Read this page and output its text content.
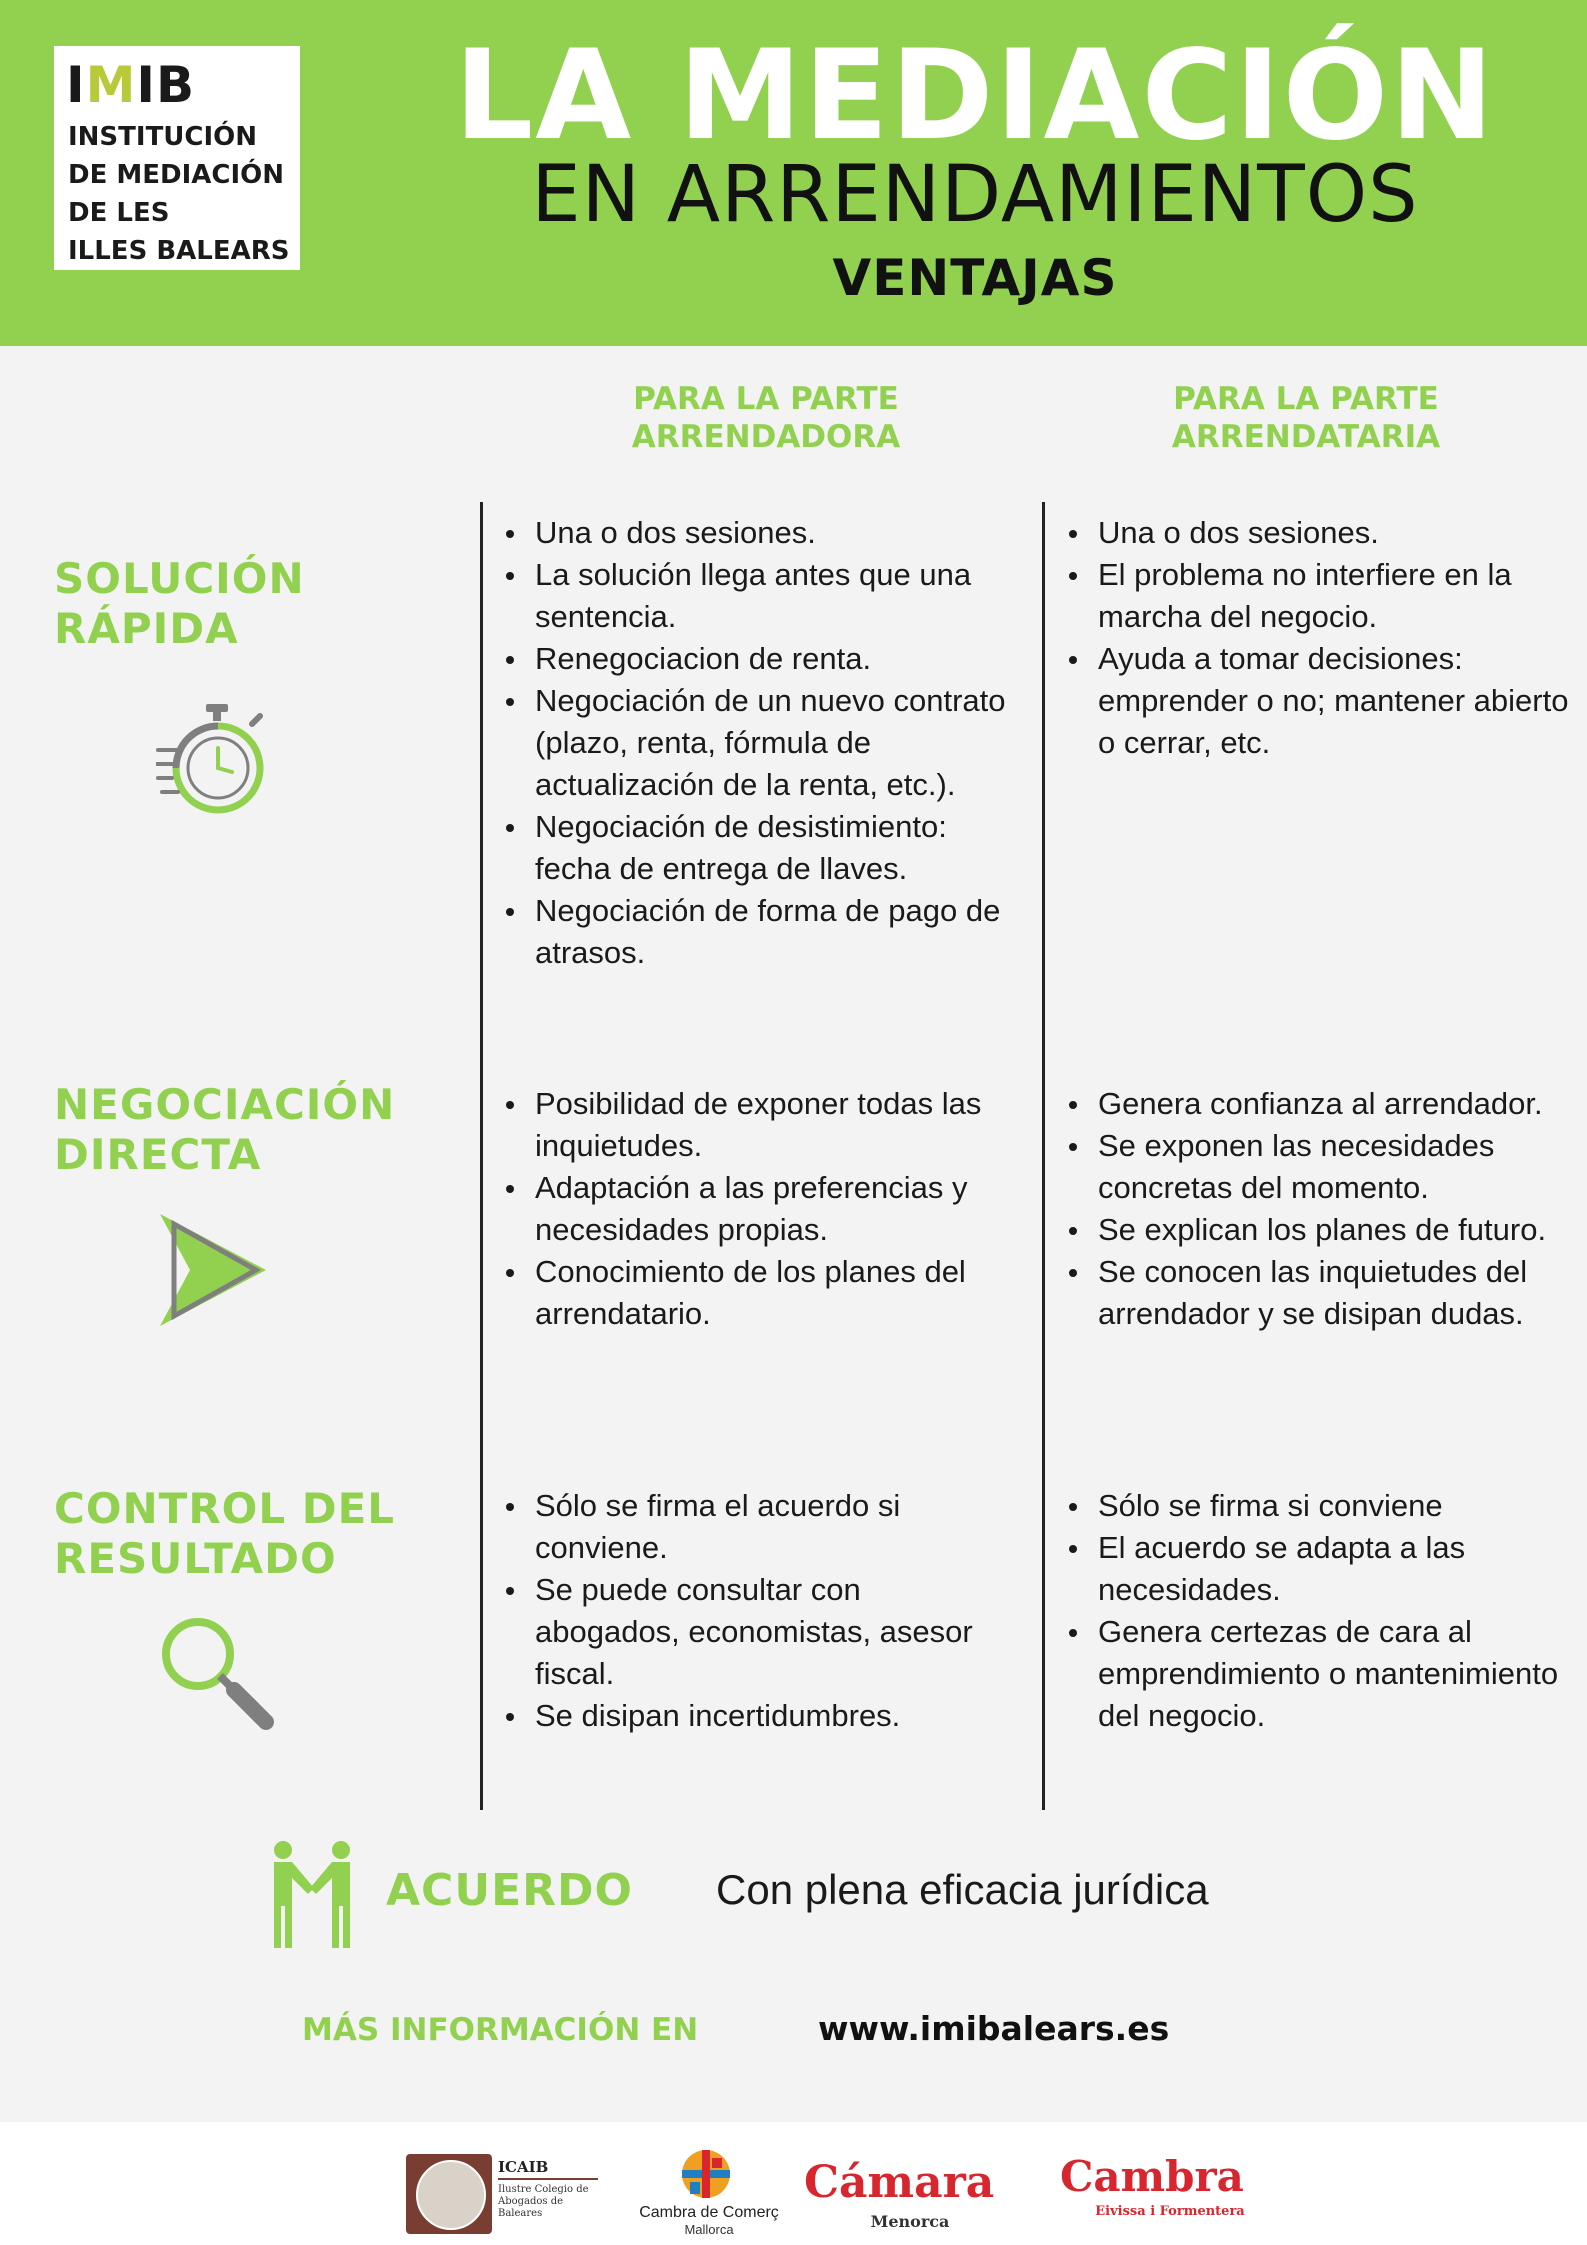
IMIB
INSTITUCIÓN
DE MEDIACIÓN
DE LES
ILLES BALEARS
LA MEDIACIÓN
EN ARRENDAMIENTOS
VENTAJAS
PARA LA PARTE
ARRENDADORA
PARA LA PARTE
ARRENDATARIA
SOLUCIÓN
RÁPIDA
Una o dos sesiones.
La solución llega antes que una sentencia.
Renegociacion de renta.
Negociación de un nuevo contrato (plazo, renta, fórmula de actualización de la renta, etc.).
Negociación de desistimiento: fecha de entrega de llaves.
Negociación de forma de pago de atrasos.
Una o dos sesiones.
El problema no interfiere en la marcha del negocio.
Ayuda a tomar decisiones: emprender o no; mantener abierto o cerrar, etc.
NEGOCIACIÓN
DIRECTA
Posibilidad de exponer todas las inquietudes.
Adaptación a las preferencias y necesidades propias.
Conocimiento de los planes del arrendatario.
Genera confianza al arrendador.
Se exponen las necesidades concretas del momento.
Se explican los planes de futuro.
Se conocen las inquietudes del arrendador y se disipan dudas.
CONTROL DEL
RESULTADO
Sólo se firma el acuerdo si conviene.
Se puede consultar con abogados, economistas, asesor fiscal.
Se disipan incertidumbres.
Sólo se firma si conviene
El acuerdo se adapta a las necesidades.
Genera certezas de cara al emprendimiento o mantenimiento del negocio.
ACUERDO Con plena eficacia jurídica
MÁS INFORMACIÓN EN	www.imibalears.es
ICAIB
Ilustre Colegio de Abogados de Baleares	Cambra de Comerç
Mallorca
Cámara
Menorca
Cambra
Eivissa i Formentera
